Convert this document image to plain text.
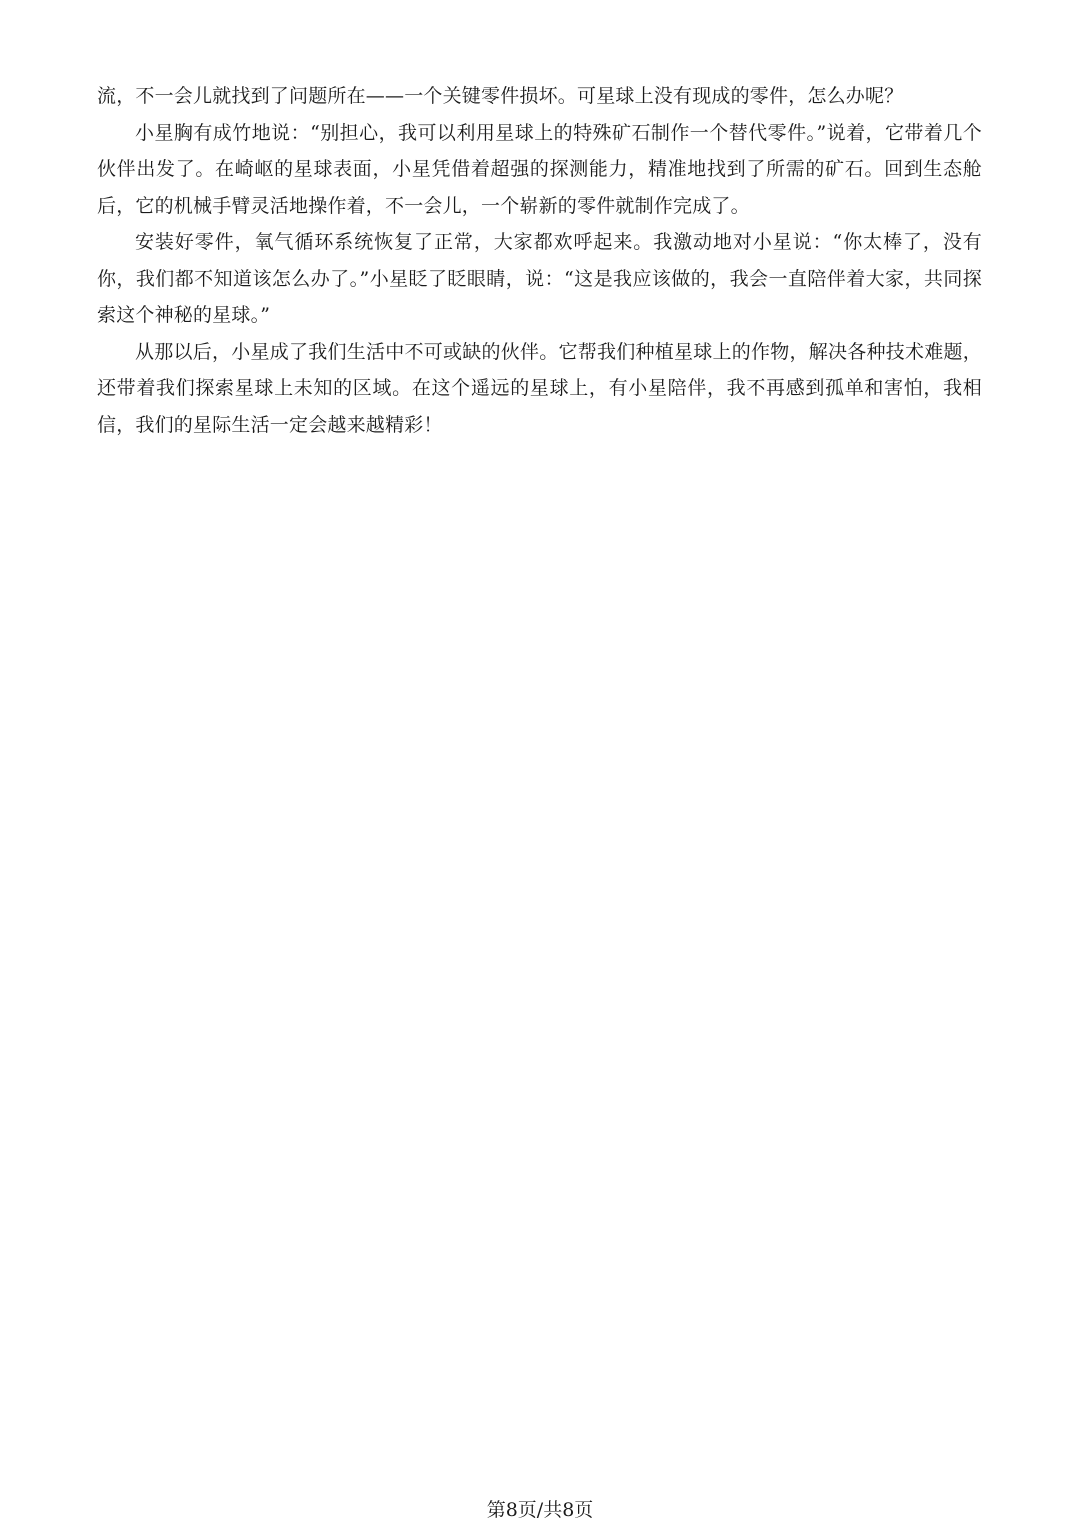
流，不一会儿就找到了问题所在——一个关键零件损坏。可星球上没有现成的零件，怎么办呢？

小星胸有成竹地说：“别担心，我可以利用星球上的特殊矿石制作一个替代零件。”说着，它带着几个伙伴出发了。在崎岖的星球表面，小星凭借着超强的探测能力，精准地找到了所需的矿石。回到生态舱后，它的机械手臂灵活地操作着，不一会儿，一个崭新的零件就制作完成了。

安装好零件，氧气循环系统恢复了正常，大家都欢呼起来。我激动地对小星说：“你太棒了，没有你，我们都不知道该怎么办了。”小星眨了眨眼睛，说：“这是我应该做的，我会一直陪伴着大家，共同探索这个神秘的星球。”

从那以后，小星成了我们生活中不可或缺的伙伴。它帮我们种植星球上的作物，解决各种技术难题，还带着我们探索星球上未知的区域。在这个遥远的星球上，有小星陪伴，我不再感到孤单和害怕，我相信，我们的星际生活一定会越来越精彩！

第8页/共8页
